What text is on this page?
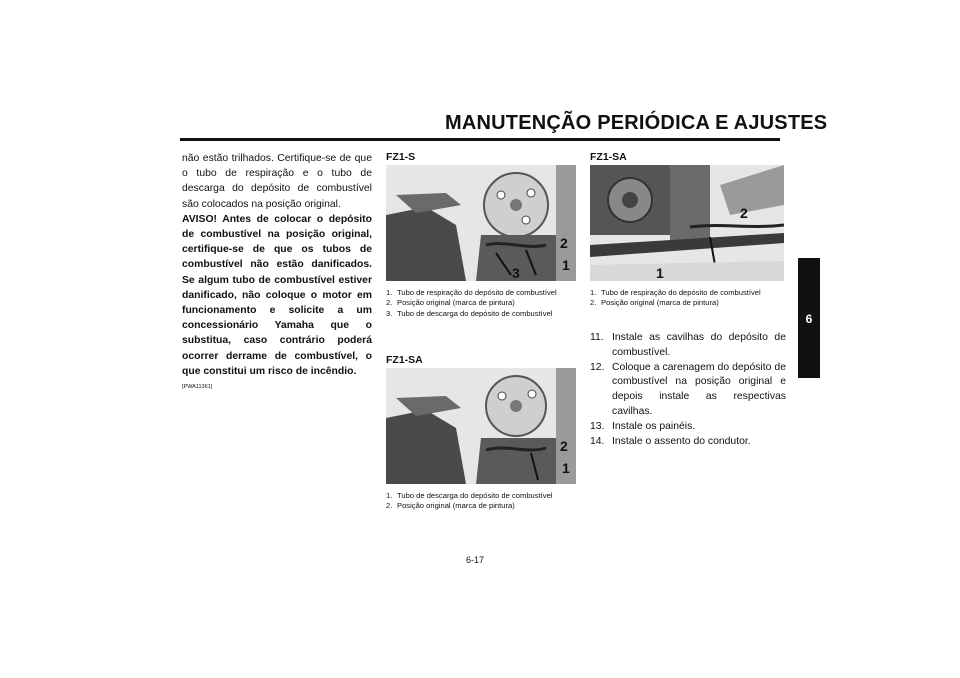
MANUTENÇÃO PERIÓDICA E AJUSTES
6

não estão trilhados. Certifique-se de que o tubo de respiração e o tubo de descarga do depósito de combustível são colocados na posição original.

AVISO! Antes de colocar o depósito de combustível na posição original, certifique-se de que os tubos de combustível não estão danificados. Se algum tubo de combustível estiver danificado, não coloque o motor em funcionamento e solicite a um concessionário Yamaha que o substitua, caso contrário poderá ocorrer derrame de combustível, o que constitui um risco de incêndio.

[PWA11361]

FZ1-S
2
1
3
1. Tubo de respiração do depósito de combustível
2. Posição original (marca de pintura)
3. Tubo de descarga do depósito de combustível
FZ1-SA
2
1
1. Tubo de descarga do depósito de combustível
2. Posição original (marca de pintura)
FZ1-SA
2
1
1. Tubo de respiração do depósito de combustível
2. Posição original (marca de pintura)
11. Instale as cavilhas do depósito de combustível.
12. Coloque a carenagem do depósito de combustível na posição original e depois instale as respectivas cavilhas.
13. Instale os painéis.
14. Instale o assento do condutor.
6-17
